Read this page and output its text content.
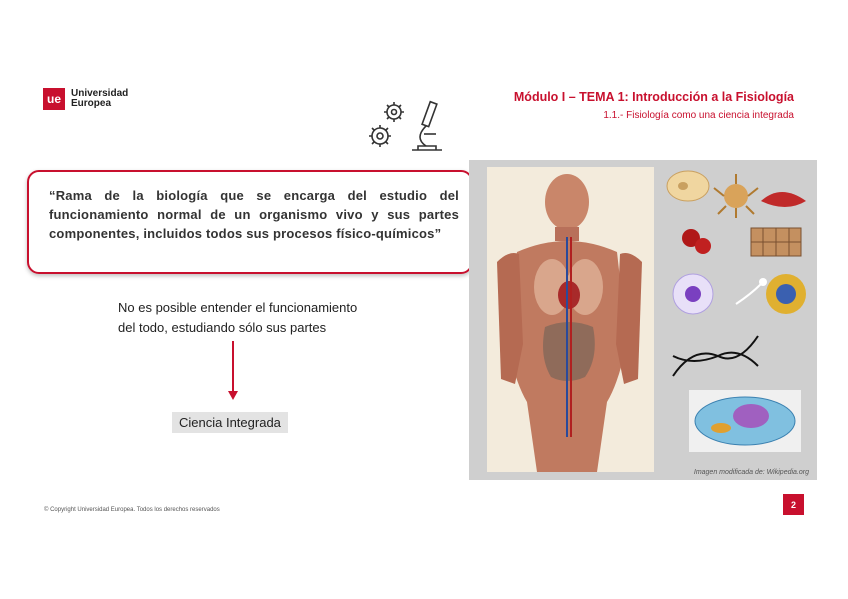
ue	Universidad
Europea	Módulo I – TEMA 1: Introducción a la Fisiología
1.1.- Fisiología como una ciencia integrada
“Rama de la biología que se encarga del estudio del funcionamiento normal de un organismo vivo y sus partes componentes, incluidos todos sus procesos físico-químicos”
No es posible entender el funcionamiento
del todo, estudiando sólo sus partes
Ciencia Integrada
Imagen modificada de: Wikipedia.org
© Copyright Universidad Europea. Todos los derechos reservados
2
